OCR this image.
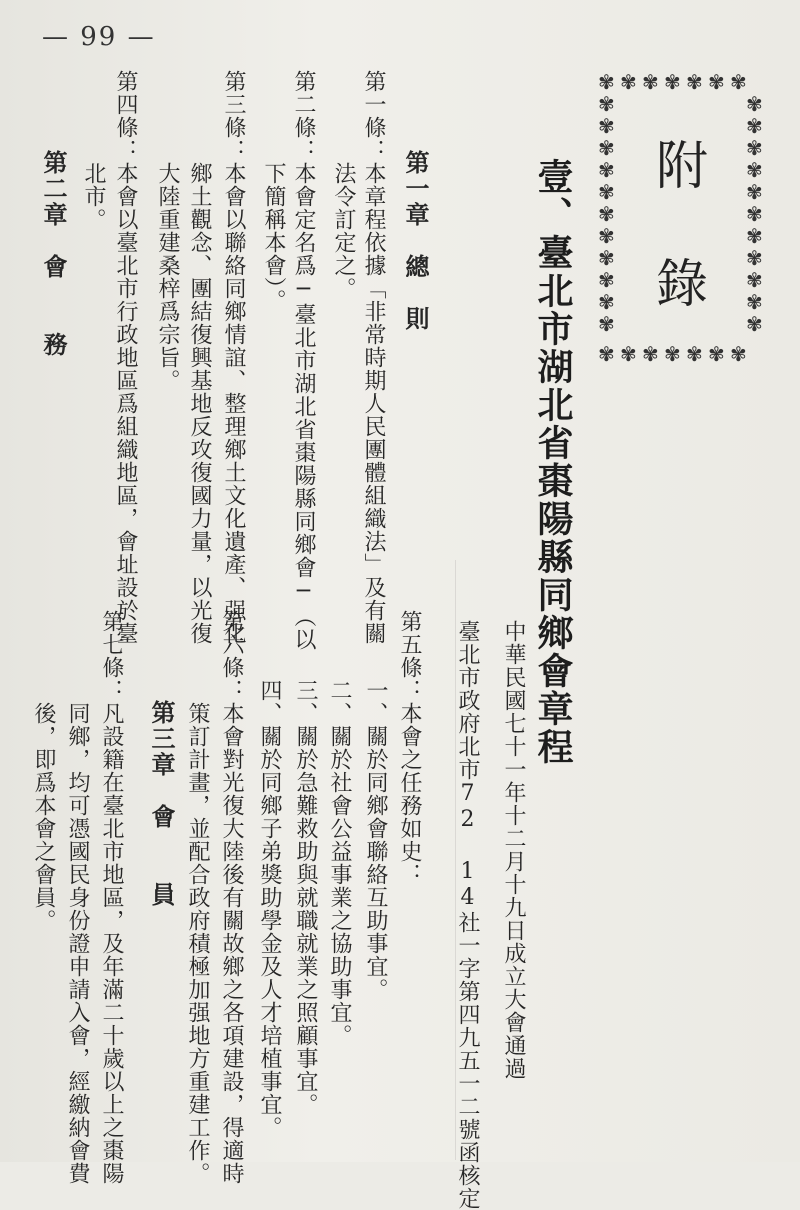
— 99 —
附
錄
✾
✾
✾
✾
✾
✾
✾
✾
✾
✾
✾
✾
✾
✾
✾	✾
✾	✾
✾	✾
✾	✾
✾	✾
✾	✾
✾	✾
✾	✾
✾	✾
✾	✾
✾	✾
壹、臺北市湖北省棗陽縣同鄉會章程
中華民國七十一年十二月十九日成立大會通過
臺北市政府北市72 14社一字第四九五一二號函核定
第一章　總　則
第一條：本章程依據「非常時期人民團體組織法」及有關
　　　　法令訂定之。
第二條：本會定名爲─臺北市湖北省棗陽縣同鄉會─（以
　　　　下簡稱本會）。
第三條：本會以聯絡同鄉情誼、整理鄉土文化遺產、强化
　　　　鄉土觀念、團結復興基地反攻復國力量，以光復
　　　　大陸重建桑梓爲宗旨。
第四條：本會以臺北市行政地區爲組織地區，會址設於臺
　　　　北市。
第二章　會　　務
第五條：本會之任務如史：
　　　一、關於同鄉會聯絡互助事宜。
　　　二、關於社會公益事業之協助事宜。
　　　三、關於急難救助與就職就業之照顧事宜。
　　　四、關於同鄉子弟獎助學金及人才培植事宜。
第六條：本會對光復大陸後有關故鄉之各項建設，得適時
　　　　策訂計畫，並配合政府積極加强地方重建工作。
第三章　會　　員
第七條：凡設籍在臺北市地區，及年滿二十歲以上之棗陽
　　　　同鄉，均可憑國民身份證申請入會，經繳納會費
　　　　後，即爲本會之會員。
